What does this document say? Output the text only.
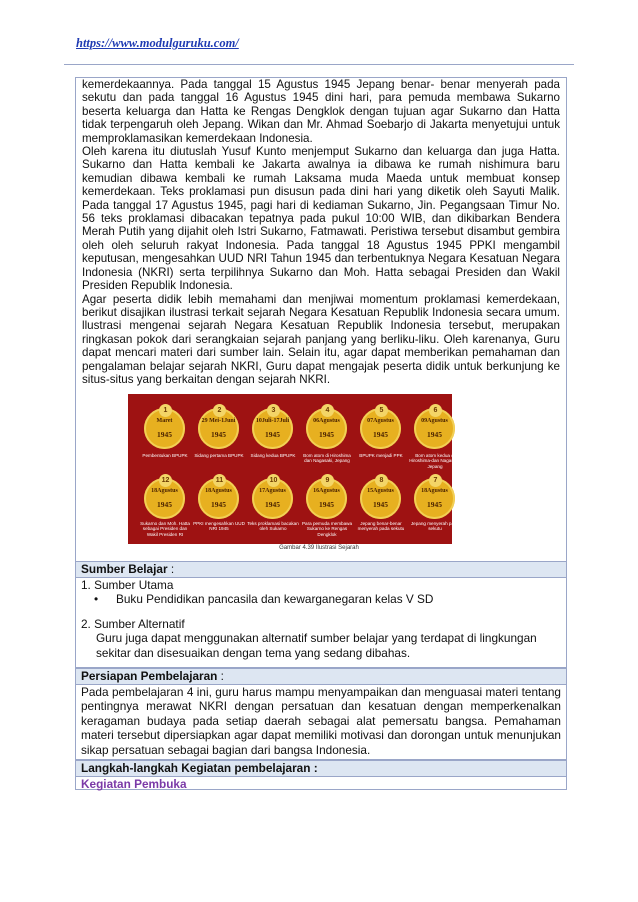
https://www.modulguruku.com/

kemerdekaannya. Pada tanggal 15 Agustus 1945 Jepang benar- benar menyerah pada sekutu dan pada tanggal 16 Agustus 1945 dini hari, para pemuda membawa Sukarno beserta keluarga dan Hatta ke Rengas Dengklok dengan tujuan agar Sukarno dan Hatta tidak terpengaruh oleh Jepang. Wikan dan Mr. Ahmad Soebarjo di Jakarta menyetujui untuk memproklamasikan kemerdekaan Indonesia.

Oleh karena itu diutuslah Yusuf Kunto menjemput Sukarno dan keluarga dan juga Hatta. Sukarno dan Hatta kembali ke Jakarta awalnya ia dibawa ke rumah nishimura baru kemudian dibawa kembali ke rumah Laksama muda Maeda untuk membuat konsep kemerdekaan. Teks proklamasi pun disusun pada dini hari yang diketik oleh Sayuti Malik. Pada tanggal 17 Agustus 1945, pagi hari di kediaman Sukarno, Jin. Pegangsaan Timur No. 56 teks proklamasi dibacakan tepatnya pada pukul 10:00 WIB, dan dikibarkan Bendera Merah Putih yang dijahit oleh Istri Sukarno, Fatmawati. Peristiwa tersebut disambut gembira oleh oleh seluruh rakyat Indonesia. Pada tanggal 18 Agustus 1945 PPKI mengambil keputusan, mengesahkan UUD NRI Tahun 1945 dan terbentuknya Negara Kesatuan Negara Indonesia (NKRI) serta terpilihnya Sukarno dan Moh. Hatta sebagai Presiden dan Wakil Presiden Republik Indonesia.

Agar peserta didik lebih memahami dan menjiwai momentum proklamasi kemerdekaan, berikut disajikan ilustrasi terkait sejarah Negara Kesatuan Republik Indonesia secara umum. llustrasi mengenai sejarah Negara Kesatuan Republik Indonesia tersebut, merupakan ringkasan pokok dari serangkaian sejarah panjang yang berliku-liku. Oleh karenanya, Guru dapat mencari materi dari sumber lain. Selain itu, agar dapat memberikan pemahaman dan pengalaman belajar sejarah NKRI, Guru dapat mengajak peserta didik untuk berkunjung ke situs-situs yang berkaitan dengan sejarah NKRI.

1
Maret
1945
Pembentukan BPUPK
2
29 Mei-1Juni
1945
Sidang pertama BPUPK
3
10Juli-17Juli
1945
Sidang kedua BPUPK
4
06Agustus
1945
Bom atom di Hiroshima dan Nagasaki, Jepang
5
07Agustus
1945
BPUPK menjadi PPK
6
09Agustus
1945
Bom atom kedua di Hiroshima-dan Nagasaki, Jepang
12
18Agustus
1945
Sukarno dan Moh. Hatta sebagai Presiden dan Wakil Presiden RI
11
18Agustus
1945
PPKI mengesahkan UUD NRI 1945
10
17Agustus
1945
Teks proklamasi bacakan oleh Sukarno
9
16Agustus
1945
Para pemuda membawa Sukarno ke Rengas Dengklok
8
15Agustus
1945
Jepang benar-benar menyerah pada sekutu
7
18Agustus
1945
Jepang menyerah pada sekutu
Gambar 4.39 Ilustrasi Sejarah
Sumber Belajar :
1. Sumber Utama
• Buku Pendidikan pancasila dan kewarganegaran kelas V SD
2. Sumber Alternatif
Guru juga dapat menggunakan alternatif sumber belajar yang terdapat di lingkungan sekitar dan disesuaikan dengan tema yang sedang dibahas.
Persiapan Pembelajaran :
Pada pembelajaran 4 ini, guru harus mampu menyampaikan dan menguasai materi tentang pentingnya merawat NKRI dengan persatuan dan kesatuan dengan memperkenalkan keragaman budaya pada setiap daerah sebagai alat pemersatu bangsa. Pemahaman materi tersebut dipersiapkan agar dapat memiliki motivasi dan dorongan untuk menunjukan sikap persatuan sebagai bagian dari bangsa Indonesia.
Langkah-langkah Kegiatan pembelajaran :
Kegiatan Pembuka
